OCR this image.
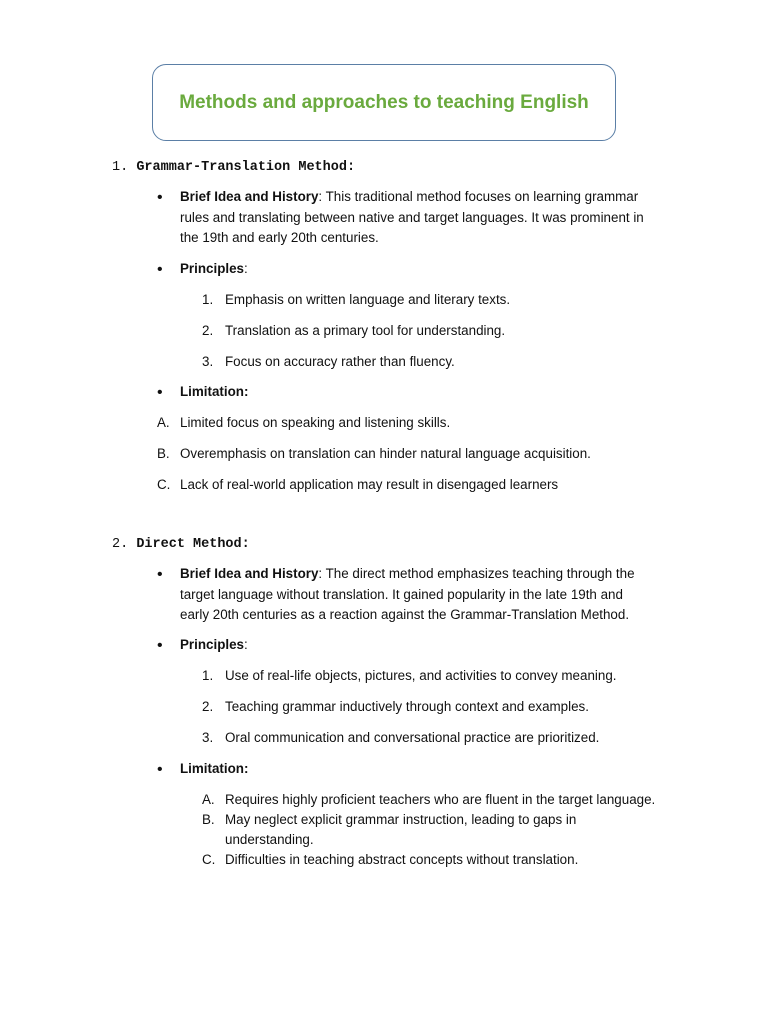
Methods and approaches to teaching English
1. Grammar-Translation Method:
• Brief Idea and History: This traditional method focuses on learning grammar
rules and translating between native and target languages. It was prominent in
the 19th and early 20th centuries.
• Principles:
1. Emphasis on written language and literary texts.
2. Translation as a primary tool for understanding.
3. Focus on accuracy rather than fluency.
• Limitation:
A. Limited focus on speaking and listening skills.
B. Overemphasis on translation can hinder natural language acquisition.
C. Lack of real-world application may result in disengaged learners
2. Direct Method:
• Brief Idea and History: The direct method emphasizes teaching through the
target language without translation. It gained popularity in the late 19th and
early 20th centuries as a reaction against the Grammar-Translation Method.
• Principles:
1. Use of real-life objects, pictures, and activities to convey meaning.
2. Teaching grammar inductively through context and examples.
3. Oral communication and conversational practice are prioritized.
• Limitation:
A. Requires highly proficient teachers who are fluent in the target language.
B. May neglect explicit grammar instruction, leading to gaps in
understanding.
C. Difficulties in teaching abstract concepts without translation.
